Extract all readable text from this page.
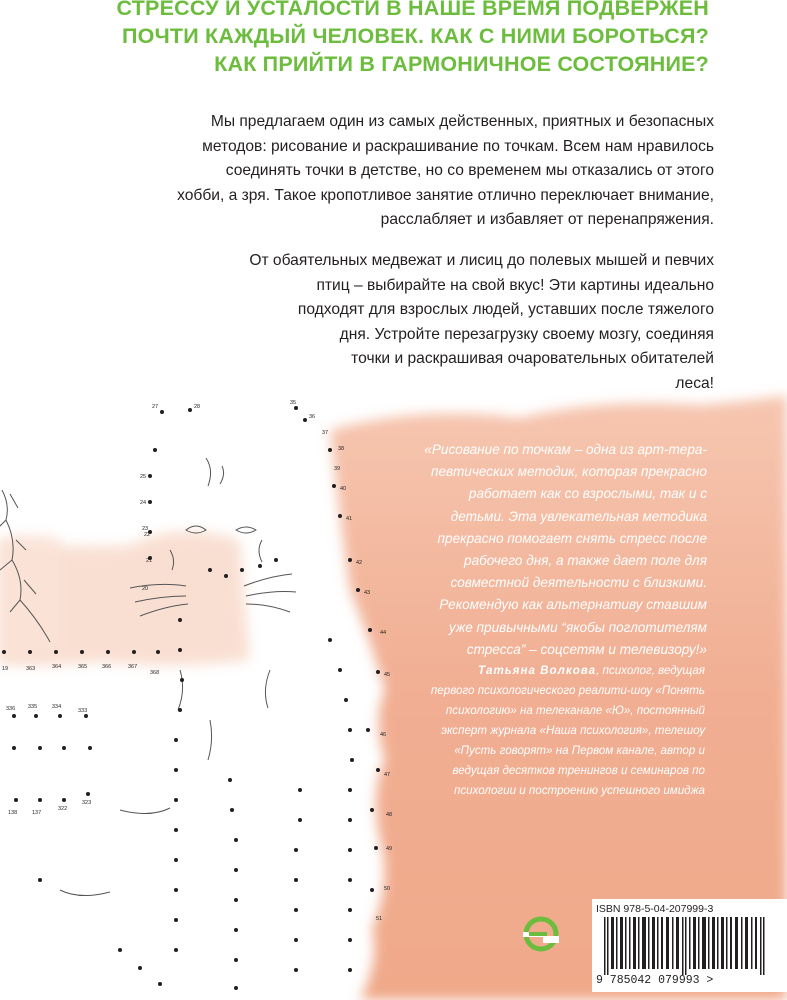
СТРЕССУ И УСТАЛОСТИ В НАШЕ ВРЕМЯ ПОДВЕРЖЕН
ПОЧТИ КАЖДЫЙ ЧЕЛОВЕК. КАК С НИМИ БОРОТЬСЯ?
КАК ПРИЙТИ В ГАРМОНИЧНОЕ СОСТОЯНИЕ?
Мы предлагаем один из самых действенных, приятных и безопасных
методов: рисование и раскрашивание по точкам. Всем нам нравилось
соединять точки в детстве, но со временем мы отказались от этого
хобби, а зря. Такое кропотливое занятие отлично переключает внимание,
расслабляет и избавляет от перенапряжения.
От обаятельных медвежат и лисиц до полевых мышей и певчих
птиц – выбирайте на свой вкус! Эти картины идеально
подходят для взрослых людей, уставших после тяжелого
дня. Устройте перезагрузку своему мозгу, соединяя
точки и раскрашивая очаровательных обитателей
леса!
«Рисование по точкам – одна из арт-тера-
певтических методик, которая прекрасно
работает как со взрослыми, так и с
детьми. Эта увлекательная методика
прекрасно помогает снять стресс после
рабочего дня, а также дает поле для
совместной деятельности с близкими.
Рекомендую как альтернативу ставшим
уже привычными “якобы поглотителям
стресса” – соцсетям и телевизору!»
Татьяна Волкова, психолог, ведущая
первого психологического реалити-шоу «Понять
психологию» на телеканале «Ю», постоянный
эксперт журнала «Наша психология», телешоу
«Пусть говорят» на Первом канале, автор и
ведущая десятков тренингов и семинаров по
психологии и построению успешного имиджа
27	28
35
36
37
38
39
40
41
42
43
44
45
46
47
48
49
50
51
25
24
23
22
21
20
19	363	364	365	366	367
368
336 335	334
333
138	137
322
323
ISBN 978-5-04-207999-3
9 785042 079993 >
